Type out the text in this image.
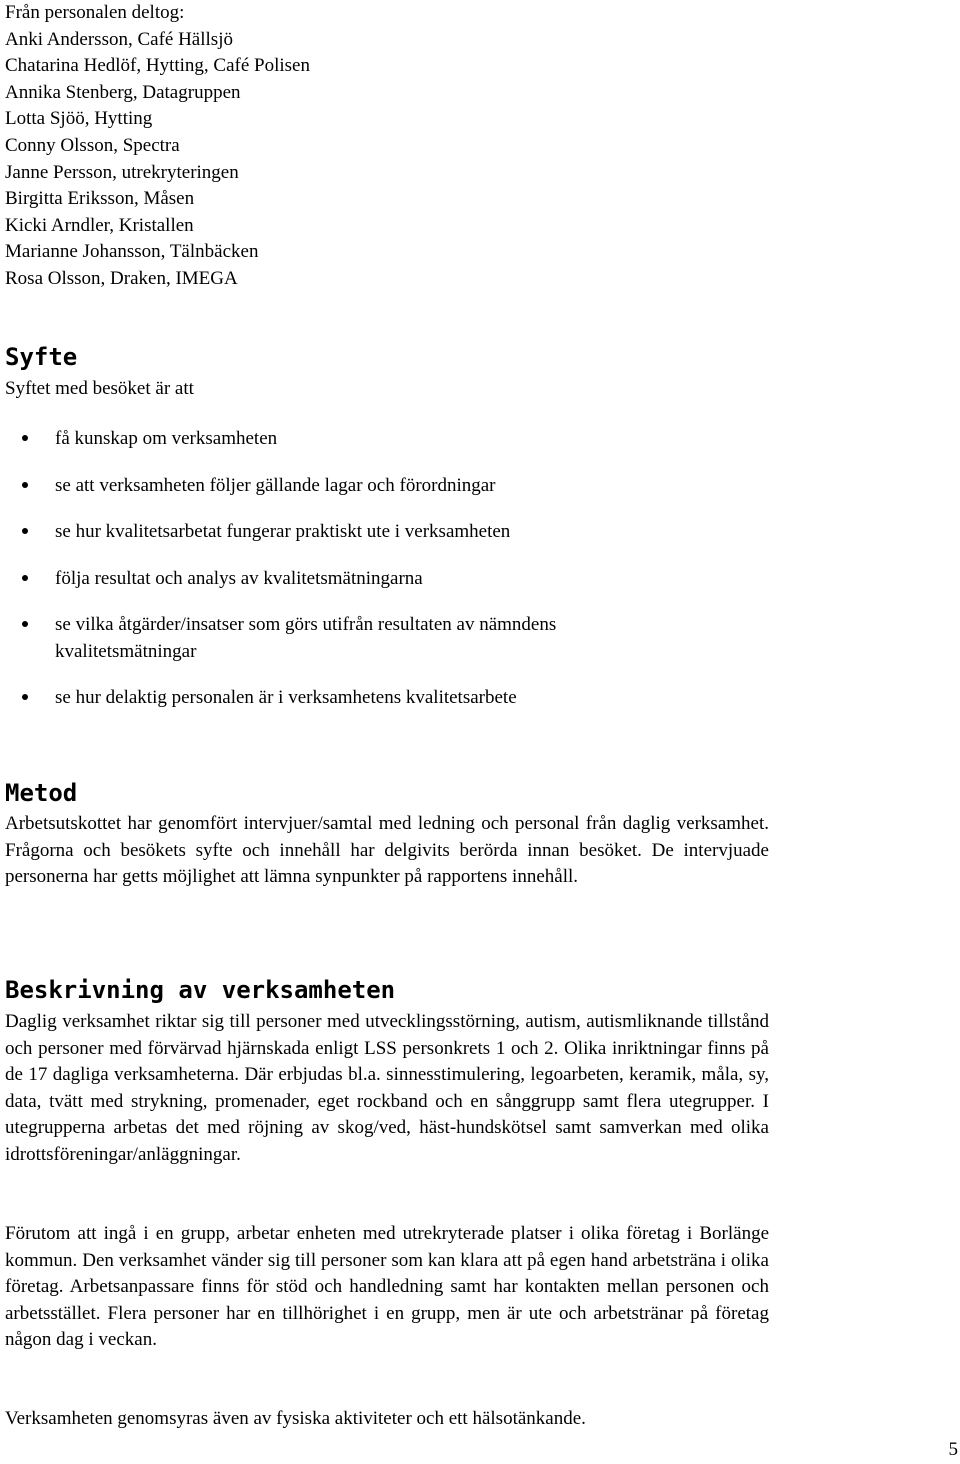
Från personalen deltog:
Anki Andersson, Café Hällsjö
Chatarina Hedlöf, Hytting, Café Polisen
Annika Stenberg, Datagruppen
Lotta Sjöö, Hytting
Conny Olsson, Spectra
Janne Persson, utrekryteringen
Birgitta Eriksson, Måsen
Kicki Arndler, Kristallen
Marianne Johansson, Tälnbäcken
Rosa Olsson, Draken, IMEGA
Syfte

Syftet med besöket är att

få kunskap om verksamheten
se att verksamheten följer gällande lagar och förordningar
se hur kvalitetsarbetat fungerar praktiskt ute i verksamheten
följa resultat och analys av kvalitetsmätningarna
se vilka åtgärder/insatser som görs utifrån resultaten av nämndens kvalitetsmätningar
se hur delaktig personalen är i verksamhetens kvalitetsarbete
Metod

Arbetsutskottet har genomfört intervjuer/samtal med ledning och personal från daglig verksamhet. Frågorna och besökets syfte och innehåll har delgivits berörda innan besöket. De intervjuade personerna har getts möjlighet att lämna synpunkter på rapportens innehåll.

Beskrivning av verksamheten

Daglig verksamhet riktar sig till personer med utvecklingsstörning, autism, autismliknande tillstånd och personer med förvärvad hjärnskada enligt LSS personkrets 1 och 2. Olika inriktningar finns på de 17 dagliga verksamheterna. Där erbjudas bl.a. sinnesstimulering, legoarbeten, keramik, måla, sy, data, tvätt med strykning, promenader, eget rockband och en sånggrupp samt flera utegrupper. I utegrupperna arbetas det med röjning av skog/ved, häst-hundskötsel samt samverkan med olika idrottsföreningar/anläggningar.

Förutom att ingå i en grupp, arbetar enheten med utrekryterade platser i olika företag i Borlänge kommun. Den verksamhet vänder sig till personer som kan klara att på egen hand arbetsträna i olika företag. Arbetsanpassare finns för stöd och handledning samt har kontakten mellan personen och arbetsstället. Flera personer har en tillhörighet i en grupp, men är ute och arbetstränar på företag någon dag i veckan.

Verksamheten genomsyras även av fysiska aktiviteter och ett hälsotänkande.

5
